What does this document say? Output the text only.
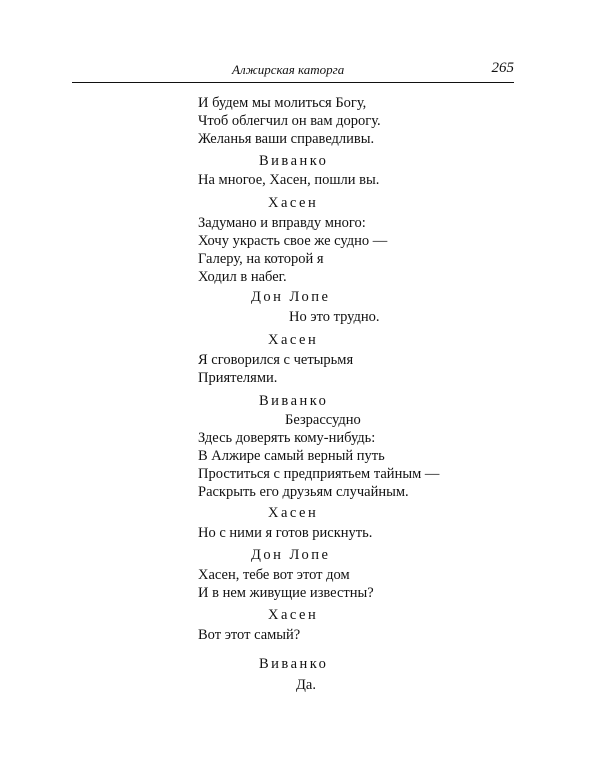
Алжирская каторга	265
И будем мы молиться Богу,
Чтоб облегчил он вам дорогу.
Желанья ваши справедливы.
Виванко
На многое, Хасен, пошли вы.
Хасен
Задумано и вправду много:
Хочу украсть свое же судно —
Галеру, на которой я
Ходил в набег.
Дон Лопе
Но это трудно.
Хасен
Я сговорился с четырьмя
Приятелями.
Виванко
Безрассудно
Здесь доверять кому-нибудь:
В Алжире самый верный путь
Проститься с предприятьем тайным —
Раскрыть его друзьям случайным.
Хасен
Но с ними я готов рискнуть.
Дон Лопе
Хасен, тебе вот этот дом
И в нем живущие известны?
Хасен
Вот этот самый?
Виванко
Да.
